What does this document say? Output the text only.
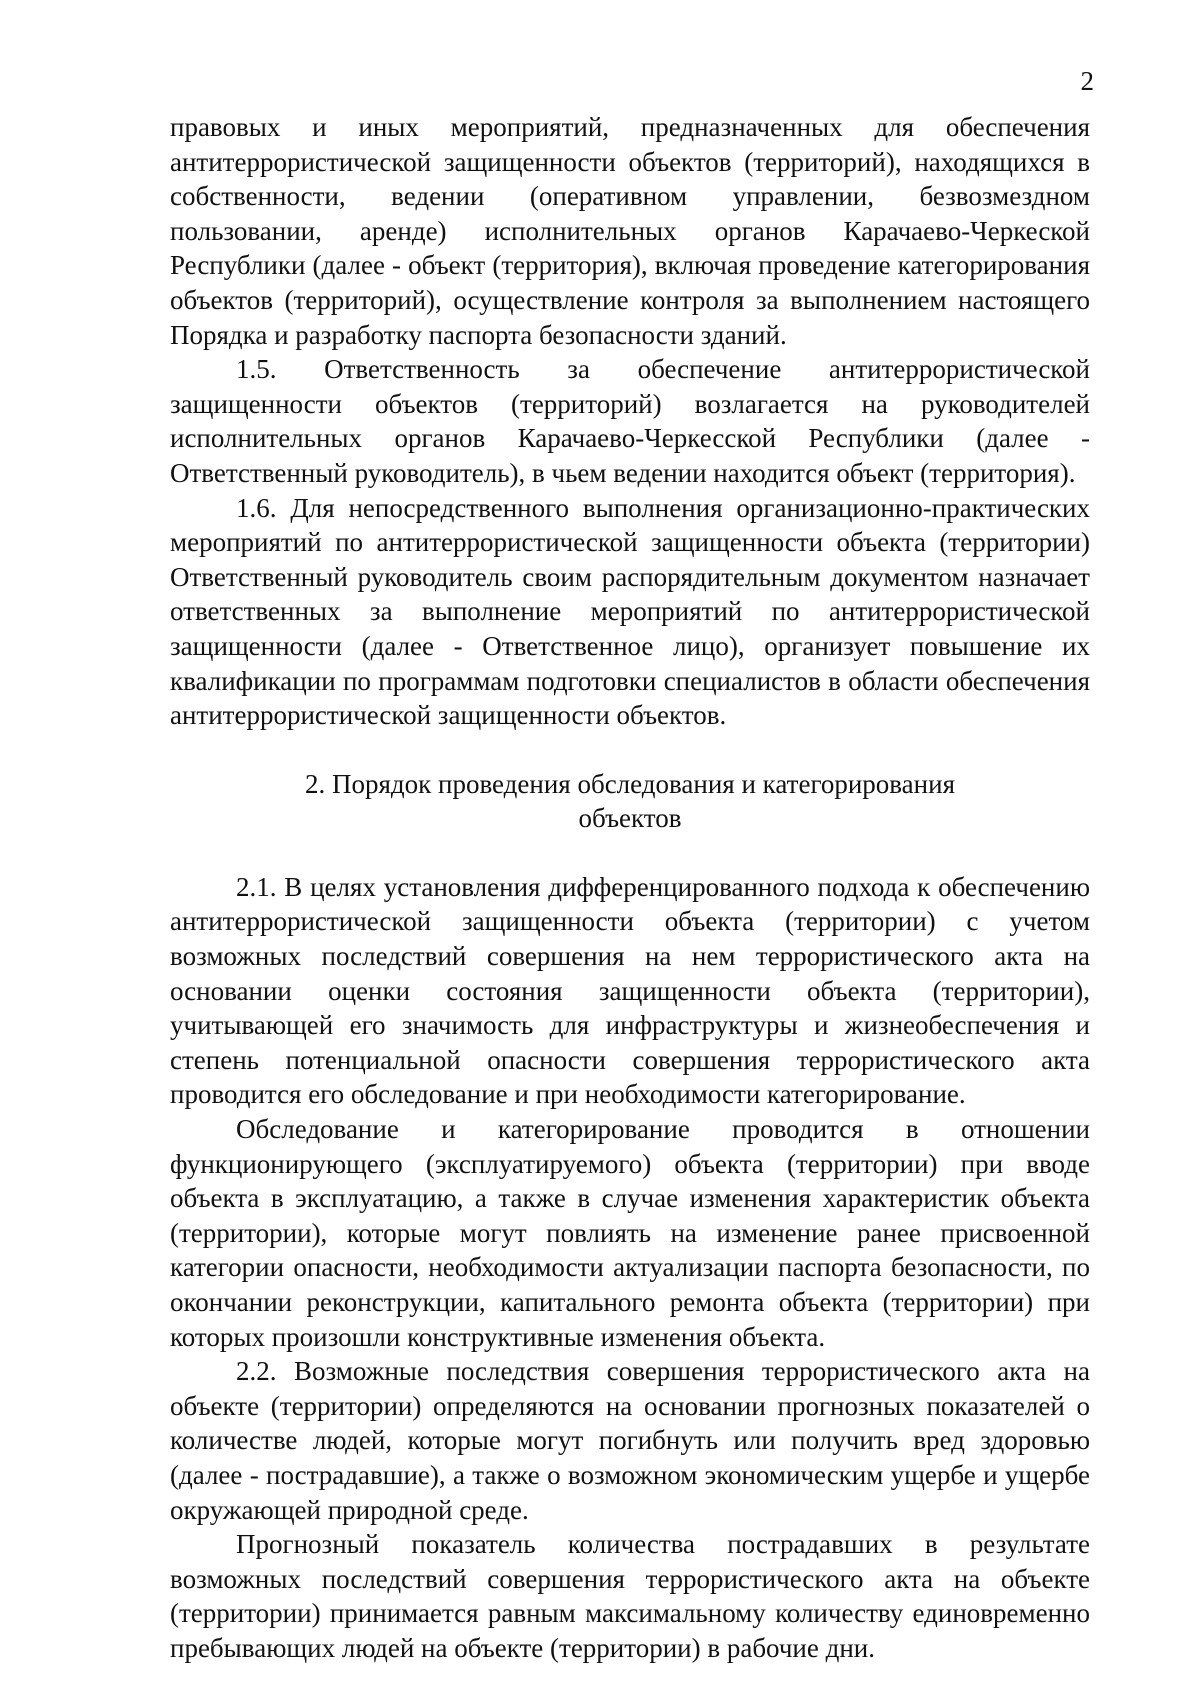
2

правовых и иных мероприятий, предназначенных для обеспечения антитеррористической защищенности объектов (территорий), находящихся в собственности, ведении (оперативном управлении, безвозмездном пользовании, аренде) исполнительных органов Карачаево-Черкеской Республики (далее - объект (территория), включая проведение категорирования объектов (территорий), осуществление контроля за выполнением настоящего Порядка и разработку паспорта безопасности зданий.

1.5. Ответственность за обеспечение антитеррористической защищенности объектов (территорий) возлагается на руководителей исполнительных органов Карачаево-Черкесской Республики (далее - Ответственный руководитель), в чьем ведении находится объект (территория).

1.6. Для непосредственного выполнения организационно-практических мероприятий по антитеррористической защищенности объекта (территории) Ответственный руководитель своим распорядительным документом назначает ответственных за выполнение мероприятий по антитеррористической защищенности (далее - Ответственное лицо), организует повышение их квалификации по программам подготовки специалистов в области обеспечения антитеррористической защищенности объектов.

2. Порядок проведения обследования и категорирования
объектов

2.1. В целях установления дифференцированного подхода к обеспечению антитеррористической защищенности объекта (территории) с учетом возможных последствий совершения на нем террористического акта на основании оценки состояния защищенности объекта (территории), учитывающей его значимость для инфраструктуры и жизнеобеспечения и степень потенциальной опасности совершения террористического акта проводится его обследование и при необходимости категорирование.

Обследование и категорирование проводится в отношении функционирующего (эксплуатируемого) объекта (территории) при вводе объекта в эксплуатацию, а также в случае изменения характеристик объекта (территории), которые могут повлиять на изменение ранее присвоенной категории опасности, необходимости актуализации паспорта безопасности, по окончании реконструкции, капитального ремонта объекта (территории) при которых произошли конструктивные изменения объекта.

2.2. Возможные последствия совершения террористического акта на объекте (территории) определяются на основании прогнозных показателей о количестве людей, которые могут погибнуть или получить вред здоровью (далее - пострадавшие), а также о возможном экономическим ущербе и ущербе окружающей природной среде.

Прогнозный показатель количества пострадавших в результате возможных последствий совершения террористического акта на объекте (территории) принимается равным максимальному количеству единовременно пребывающих людей на объекте (территории) в рабочие дни.
